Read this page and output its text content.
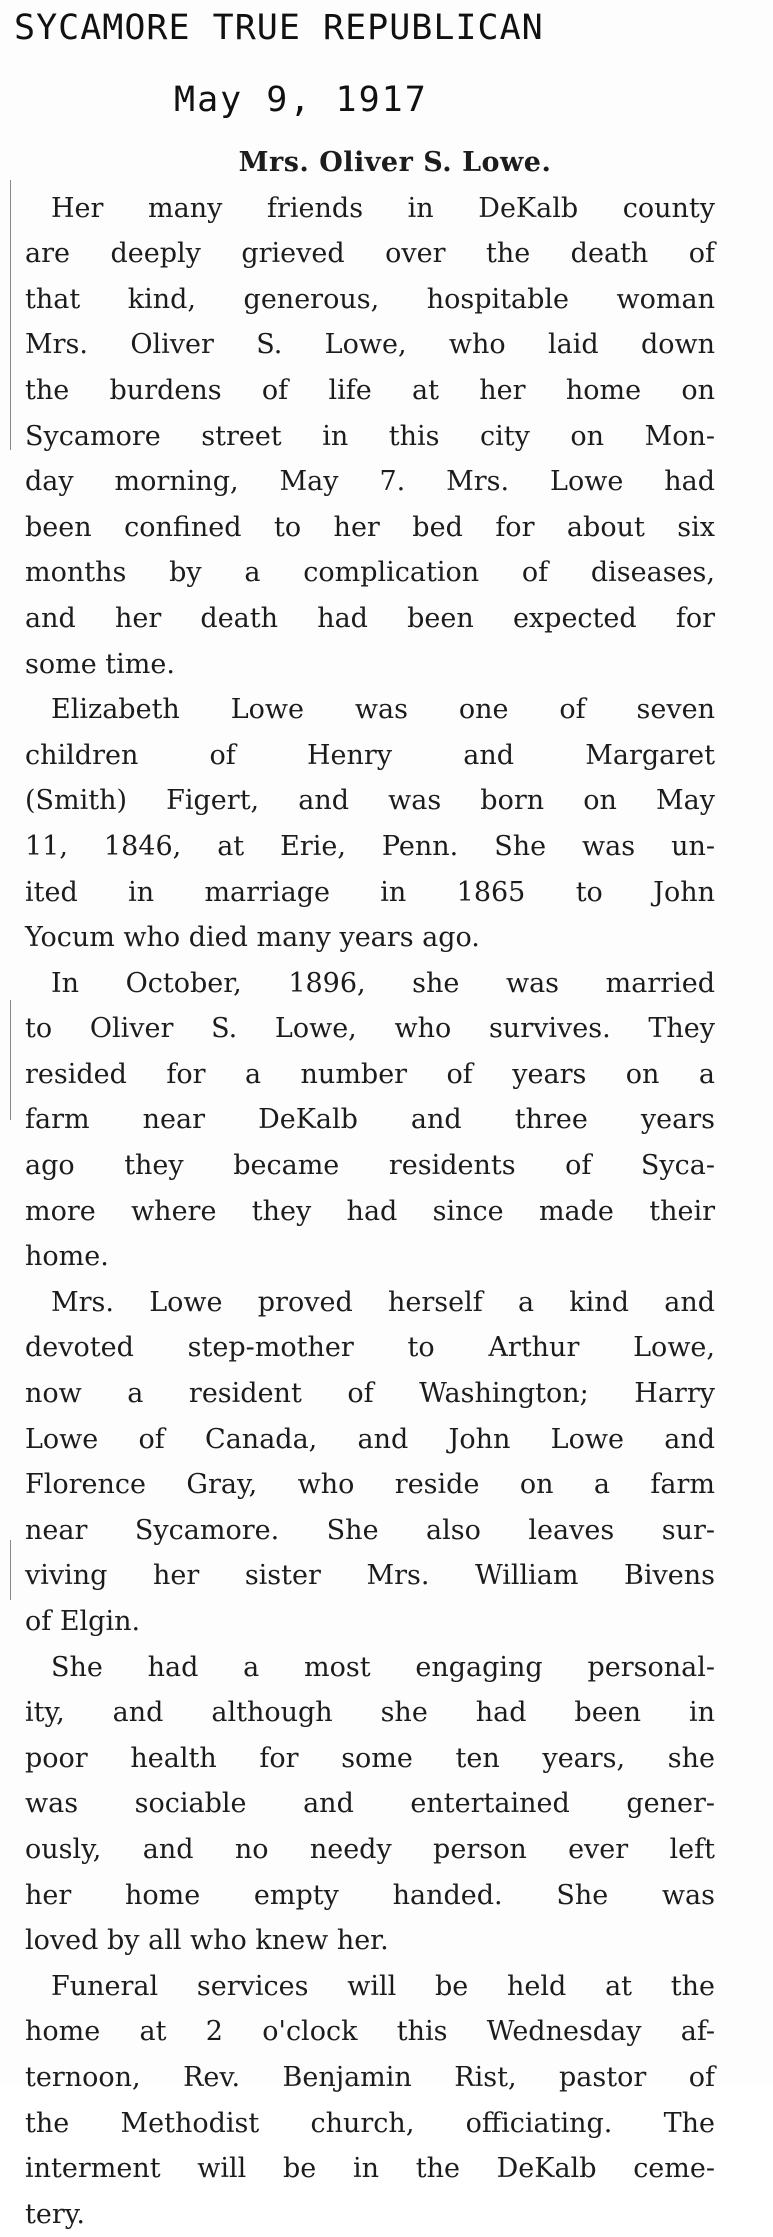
SYCAMORE TRUE REPUBLICAN
May 9, 1917

Mrs. Oliver S. Lowe.

Her many friends in DeKalb county
are deeply grieved over the death of
that kind, generous, hospitable woman
Mrs. Oliver S. Lowe, who laid down
the burdens of life at her home on
Sycamore street in this city on Mon-
day morning, May 7. Mrs. Lowe had
been confined to her bed for about six
months by a complication of diseases,
and her death had been expected for
some time.

Elizabeth Lowe was one of seven
children of Henry and Margaret
(Smith) Figert, and was born on May
11, 1846, at Erie, Penn. She was un-
ited in marriage in 1865 to John
Yocum who died many years ago.

In October, 1896, she was married
to Oliver S. Lowe, who survives. They
resided for a number of years on a
farm near DeKalb and three years
ago they became residents of Syca-
more where they had since made their
home.

Mrs. Lowe proved herself a kind and
devoted step-mother to Arthur Lowe,
now a resident of Washington; Harry
Lowe of Canada, and John Lowe and
Florence Gray, who reside on a farm
near Sycamore. She also leaves sur-
viving her sister Mrs. William Bivens
of Elgin.

She had a most engaging personal-
ity, and although she had been in
poor health for some ten years, she
was sociable and entertained gener-
ously, and no needy person ever left
her home empty handed. She was
loved by all who knew her.

Funeral services will be held at the
home at 2 o'clock this Wednesday af-
ternoon, Rev. Benjamin Rist, pastor of
the Methodist church, officiating. The
interment will be in the DeKalb ceme-
tery.
